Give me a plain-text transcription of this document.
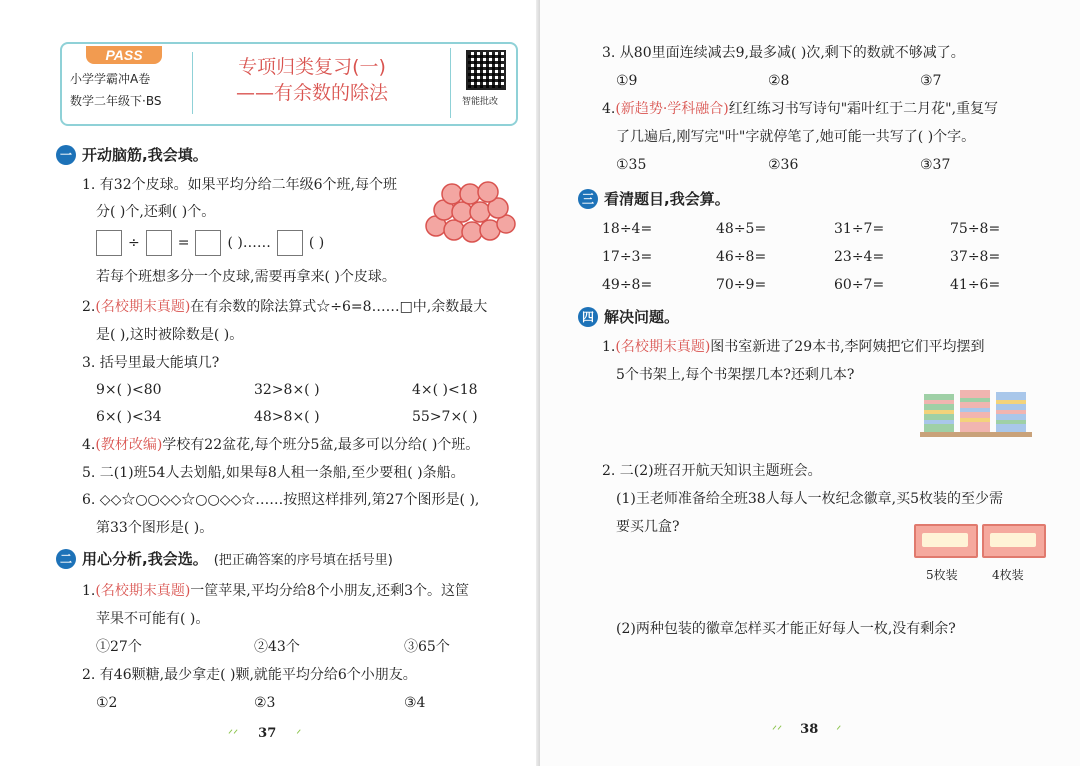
PASS
小学学霸冲A卷
数学二年级下·BS
专项归类复习(一)
——有余数的除法	智能批改
一 开动脑筋,我会填。
1. 有32个皮球。如果平均分给二年级6个班,每个班
分( )个,还剩( )个。
÷	=	( )……	( )
若每个班想多分一个皮球,需要再拿来( )个皮球。
2.(名校期末真题)在有余数的除法算式☆÷6=8……□中,余数最大
是( ),这时被除数是( )。
3. 括号里最大能填几?
9×( )<80	32>8×( )	4×( )<18
6×( )<34	48>8×( )	55>7×( )
4.(教材改编)学校有22盆花,每个班分5盆,最多可以分给( )个班。
5. 二(1)班54人去划船,如果每8人租一条船,至少要租( )条船。
6. ◇◇☆○○◇◇☆○○◇◇☆……按照这样排列,第27个图形是( ),
第33个图形是( )。
二 用心分析,我会选。 (把正确答案的序号填在括号里)
1.(名校期末真题)一筐苹果,平均分给8个小朋友,还剩3个。这筐
苹果不可能有( )。
①27个	②43个	③65个
2. 有46颗糖,最少拿走( )颗,就能平均分给6个小朋友。
①2	②3	③4
ᐟᐟ 37 ᐟ
3. 从80里面连续减去9,最多减( )次,剩下的数就不够减了。
①9	②8	③7
4.(新趋势·学科融合)红红练习书写诗句"霜叶红于二月花",重复写
了几遍后,刚写完"叶"字就停笔了,她可能一共写了( )个字。
①35	②36	③37
三 看清题目,我会算。
18÷4=	48÷5=	31÷7=	75÷8=
17÷3=	46÷8=	23÷4=	37÷8=
49÷8=	70÷9=	60÷7=	41÷6=
四 解决问题。
1.(名校期末真题)图书室新进了29本书,李阿姨把它们平均摆到
5个书架上,每个书架摆几本?还剩几本?
2. 二(2)班召开航天知识主题班会。
(1)王老师准备给全班38人每人一枚纪念徽章,买5枚装的至少需
要买几盒?
5枚装	4枚装
(2)两种包装的徽章怎样买才能正好每人一枚,没有剩余?
ᐟᐟ 38 ᐟ
